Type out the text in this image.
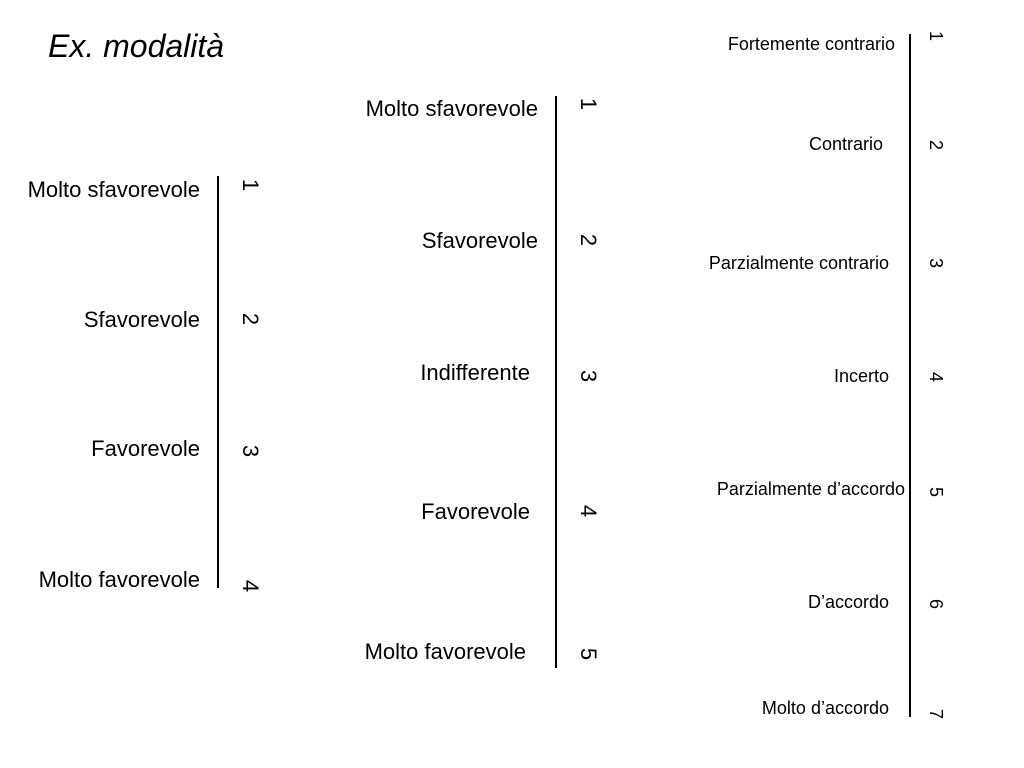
Ex. modalità
Molto sfavorevole
Sfavorevole
Favorevole
Molto favorevole
1
2
3
4
Molto sfavorevole
Sfavorevole
Indifferente
Favorevole
Molto favorevole
1
2
3
4
5
Fortemente contrario
Contrario
Parzialmente contrario
Incerto
Parzialmente d’accordo
D’accordo
Molto d’accordo
1
2
3
4
5
6
7
